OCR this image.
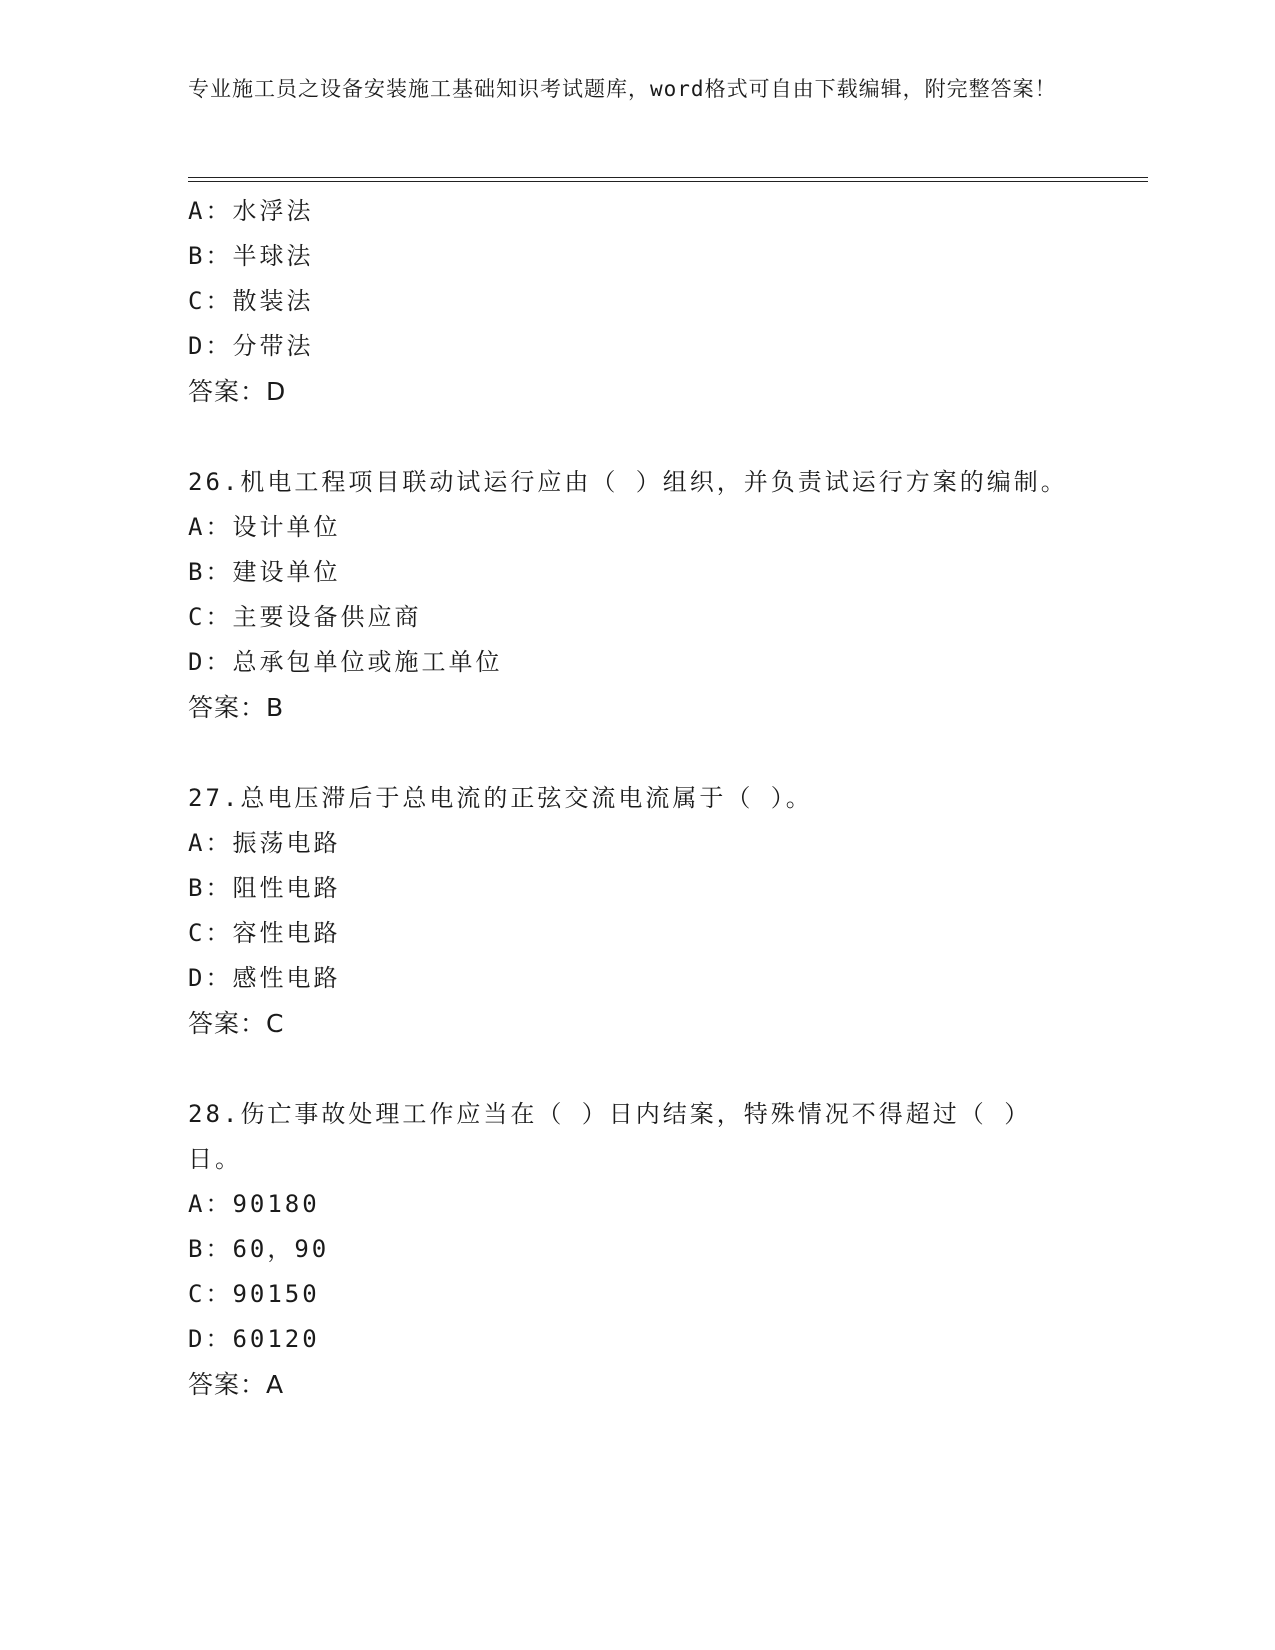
专业施工员之设备安装施工基础知识考试题库，word格式可自由下载编辑，附完整答案！
A：水浮法
B：半球法
C：散装法
D：分带法
答案：D
26.机电工程项目联动试运行应由（ ）组织，并负责试运行方案的编制。
A：设计单位
B：建设单位
C：主要设备供应商
D：总承包单位或施工单位
答案：B
27.总电压滞后于总电流的正弦交流电流属于（ ）。
A：振荡电路
B：阻性电路
C：容性电路
D：感性电路
答案：C
28.伤亡事故处理工作应当在（ ）日内结案，特殊情况不得超过（ ）日。
A：90180
B：60，90
C：90150
D：60120
答案：A
